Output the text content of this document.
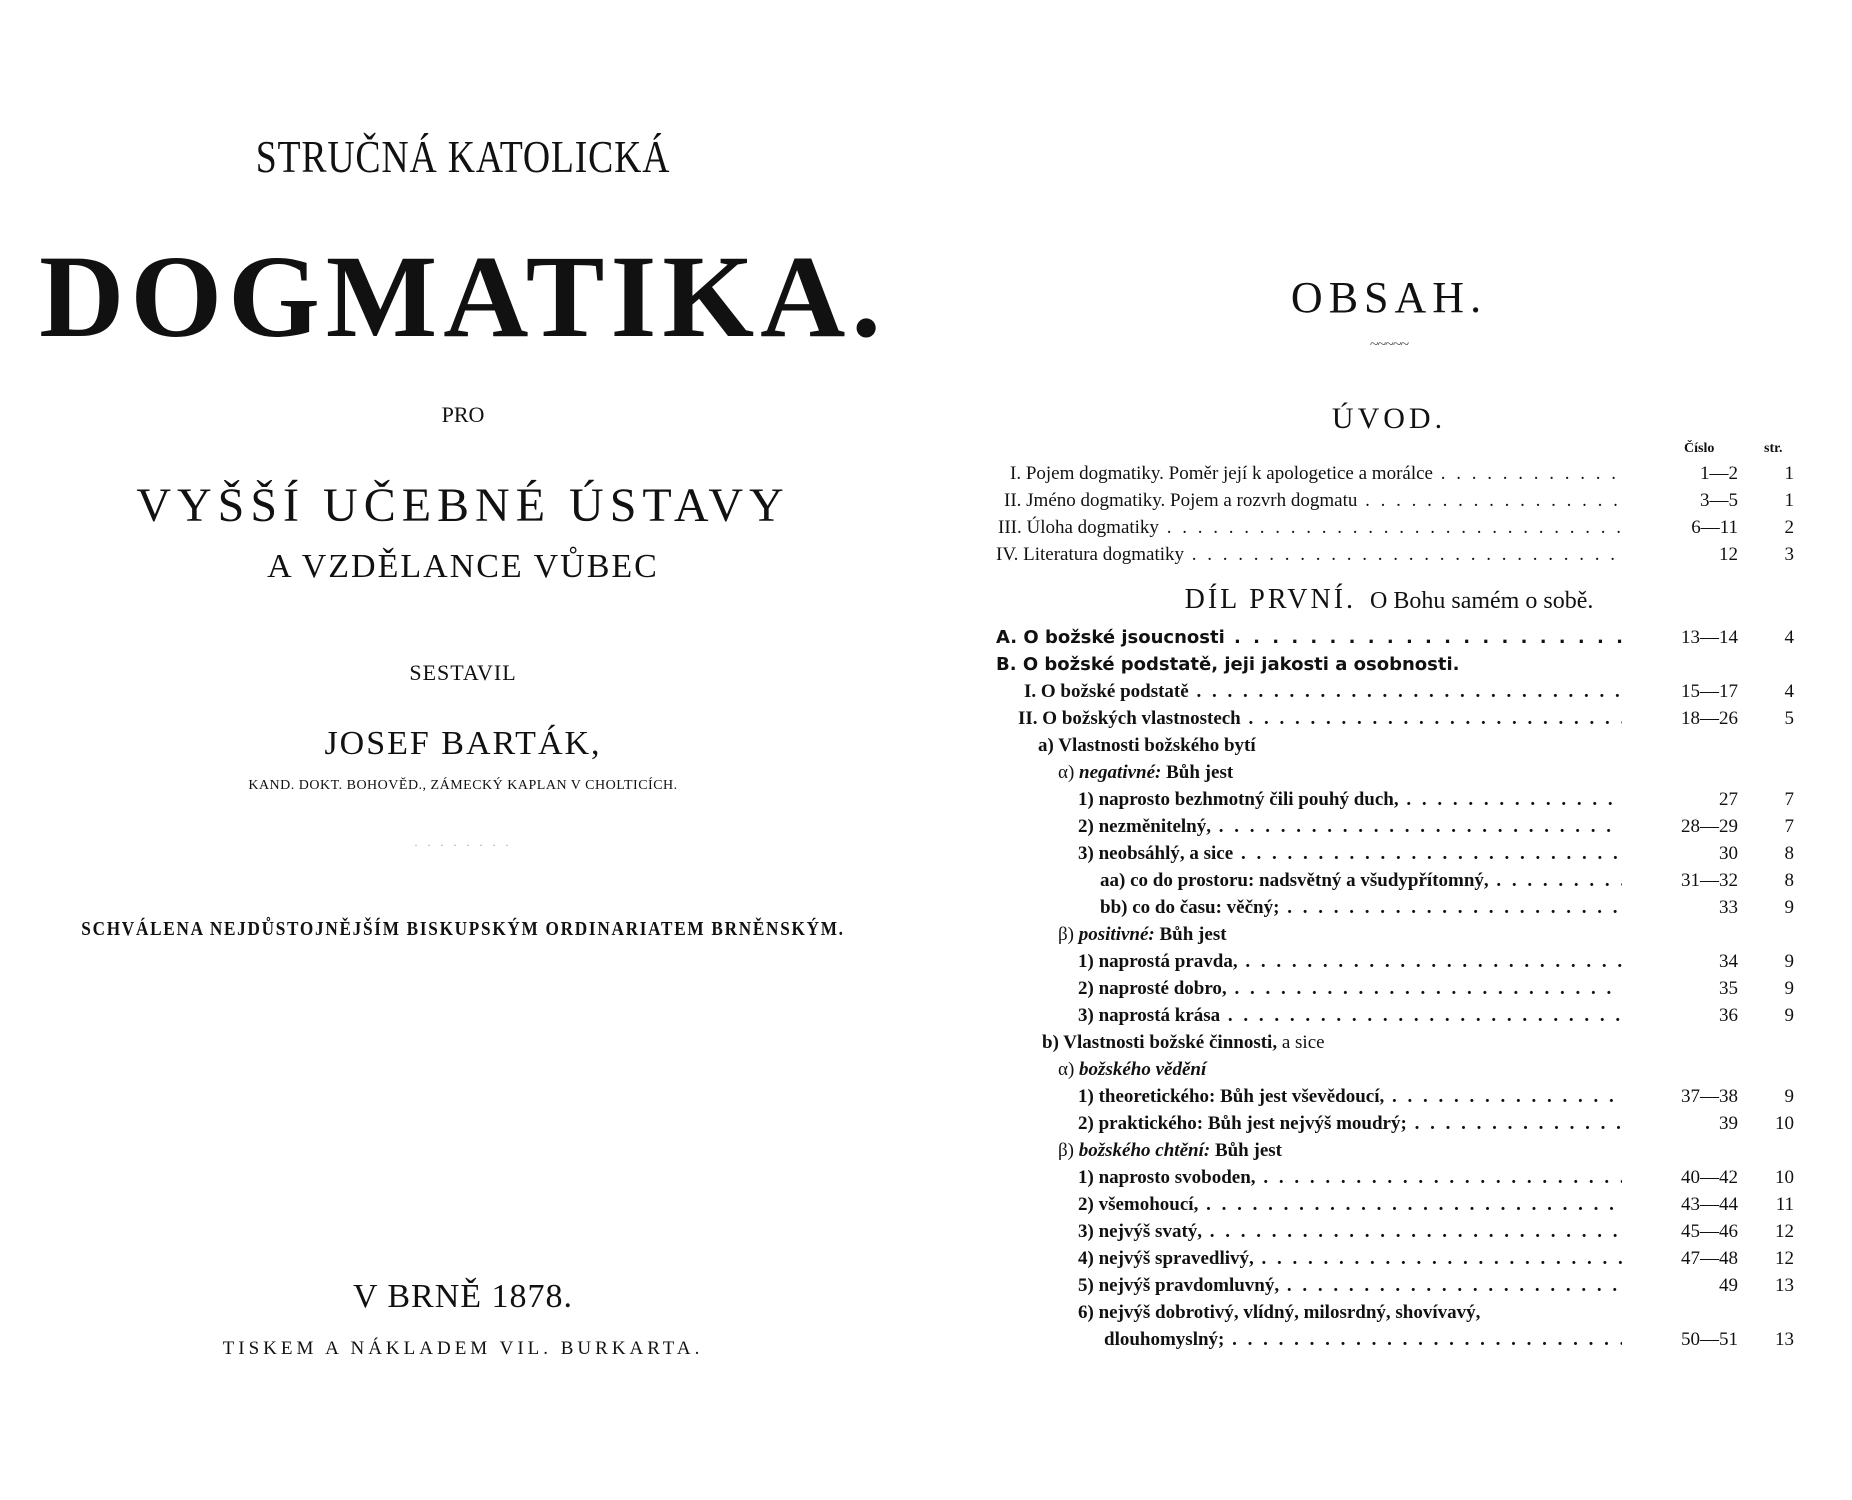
STRUČNÁ KATOLICKÁ
DOGMATIKA.
PRO
VYŠŠÍ UČEBNÉ ÚSTAVY
A VZDĚLANCE VŮBEC
SESTAVIL
JOSEF BARTÁK,
KAND. DOKT. BOHOVĚD., ZÁMECKÝ KAPLAN V CHOLTICÍCH.
· · · · · · · ·
SCHVÁLENA NEJDŮSTOJNĚJŠÍM BISKUPSKÝM ORDINARIATEM BRNĚNSKÝM.
V BRNĚ 1878.
TISKEM A NÁKLADEM VIL. BURKARTA.
OBSAH.
~~~~~
ÚVOD.
Číslo	str.
I. Pojem dogmatiky. Poměr její k apologetice a morálce . . .	1—2	1
II. Jméno dogmatiky. Pojem a rozvrh dogmatu . . .	3—5	1
III. Úloha dogmatiky . . .	6—11	2
IV. Literatura dogmatiky . . .	12	3
DÍL PRVNÍ. O Bohu samém o sobě.
A. O božské jsoucnosti . . .	13—14	4
B. O božské podstatě, jeji jakosti a osobnosti.
I. O božské podstatě . . .	15—17	4
II. O božských vlastnostech . . .	18—26	5
a) Vlastnosti božského bytí
α) negativné: Bůh jest
1) naprosto bezhmotný čili pouhý duch, . . .	27	7
2) nezměnitelný, . . .	28—29	7
3) neobsáhlý, a sice . . .	30	8
aa) co do prostoru: nadsvětný a všudypřítomný, . . .	31—32	8
bb) co do času: věčný; . . .	33	9
β) positivné: Bůh jest
1) naprostá pravda, . . .	34	9
2) naprosté dobro, . . .	35	9
3) naprostá krása . . .	36	9
b) Vlastnosti božské činnosti, a sice
α) božského vědění
1) theoretického: Bůh jest vševědoucí, . . .	37—38	9
2) praktického: Bůh jest nejvýš moudrý; . . .	39	10
β) božského chtění: Bůh jest
1) naprosto svoboden, . . .	40—42	10
2) všemohoucí, . . .	43—44	11
3) nejvýš svatý, . . .	45—46	12
4) nejvýš spravedlivý, . . .	47—48	12
5) nejvýš pravdomluvný, . . .	49	13
6) nejvýš dobrotivý, vlídný, milosrdný, shovívavý,
dlouhomyslný; . . .	50—51	13
